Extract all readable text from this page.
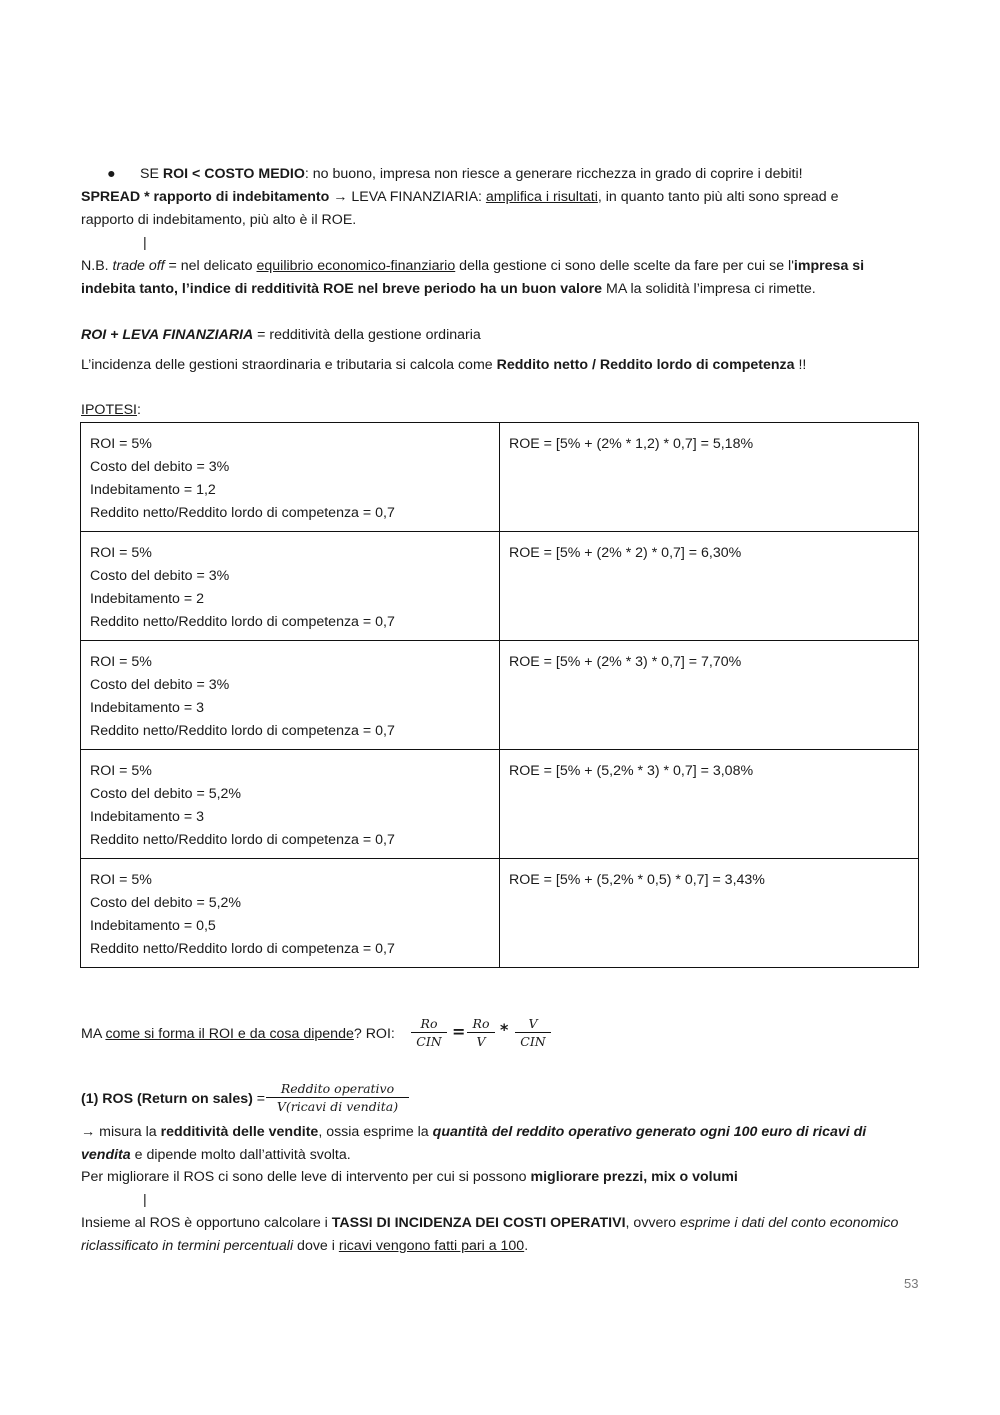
● SE ROI < COSTO MEDIO: no buono, impresa non riesce a generare ricchezza in grado di coprire i debiti!
SPREAD * rapporto di indebitamento → LEVA FINANZIARIA: amplifica i risultati, in quanto tanto più alti sono spread e
rapporto di indebitamento, più alto è il ROE.
|
N.B. trade off = nel delicato equilibrio economico-finanziario della gestione ci sono delle scelte da fare per cui se l'impresa si
indebita tanto, l’indice di redditività ROE nel breve periodo ha un buon valore MA la solidità l’impresa ci rimette.
ROI + LEVA FINANZIARIA = redditività della gestione ordinaria
L’incidenza delle gestioni straordinaria e tributaria si calcola come Reddito netto / Reddito lordo di competenza !!
IPOTESI:
ROI = 5%
Costo del debito = 3%
Indebitamento = 1,2
Reddito netto/Reddito lordo di competenza = 0,7	ROE = [5% + (2% * 1,2) * 0,7] = 5,18%

ROI = 5%
Costo del debito = 3%
Indebitamento = 2
Reddito netto/Reddito lordo di competenza = 0,7	ROE = [5% + (2% * 2) * 0,7] = 6,30%

ROI = 5%
Costo del debito = 3%
Indebitamento = 3
Reddito netto/Reddito lordo di competenza = 0,7	ROE = [5% + (2% * 3) * 0,7] = 7,70%

ROI = 5%
Costo del debito = 5,2%
Indebitamento = 3
Reddito netto/Reddito lordo di competenza = 0,7	ROE = [5% + (5,2% * 3) * 0,7] = 3,08%

ROI = 5%
Costo del debito = 5,2%
Indebitamento = 0,5
Reddito netto/Reddito lordo di competenza = 0,7	ROE = [5% + (5,2% * 0,5) * 0,7] = 3,43%
MA come si forma il ROI e da cosa dipende? ROI:
Ro
CIN
= $\frac{Ro}{V}$ *	V
CIN
(1) ROS (Return on sales) =
Reddito operativo
V(ricavi di vendita)
→ misura la redditività delle vendite, ossia esprime la quantità del reddito operativo generato ogni 100 euro di ricavi di
vendita e dipende molto dall’attività svolta.
Per migliorare il ROS ci sono delle leve di intervento per cui si possono migliorare prezzi, mix o volumi
|
Insieme al ROS è opportuno calcolare i TASSI DI INCIDENZA DEI COSTI OPERATIVI, ovvero esprime i dati del conto economico
riclassificato in termini percentuali dove i ricavi vengono fatti pari a 100.
53
